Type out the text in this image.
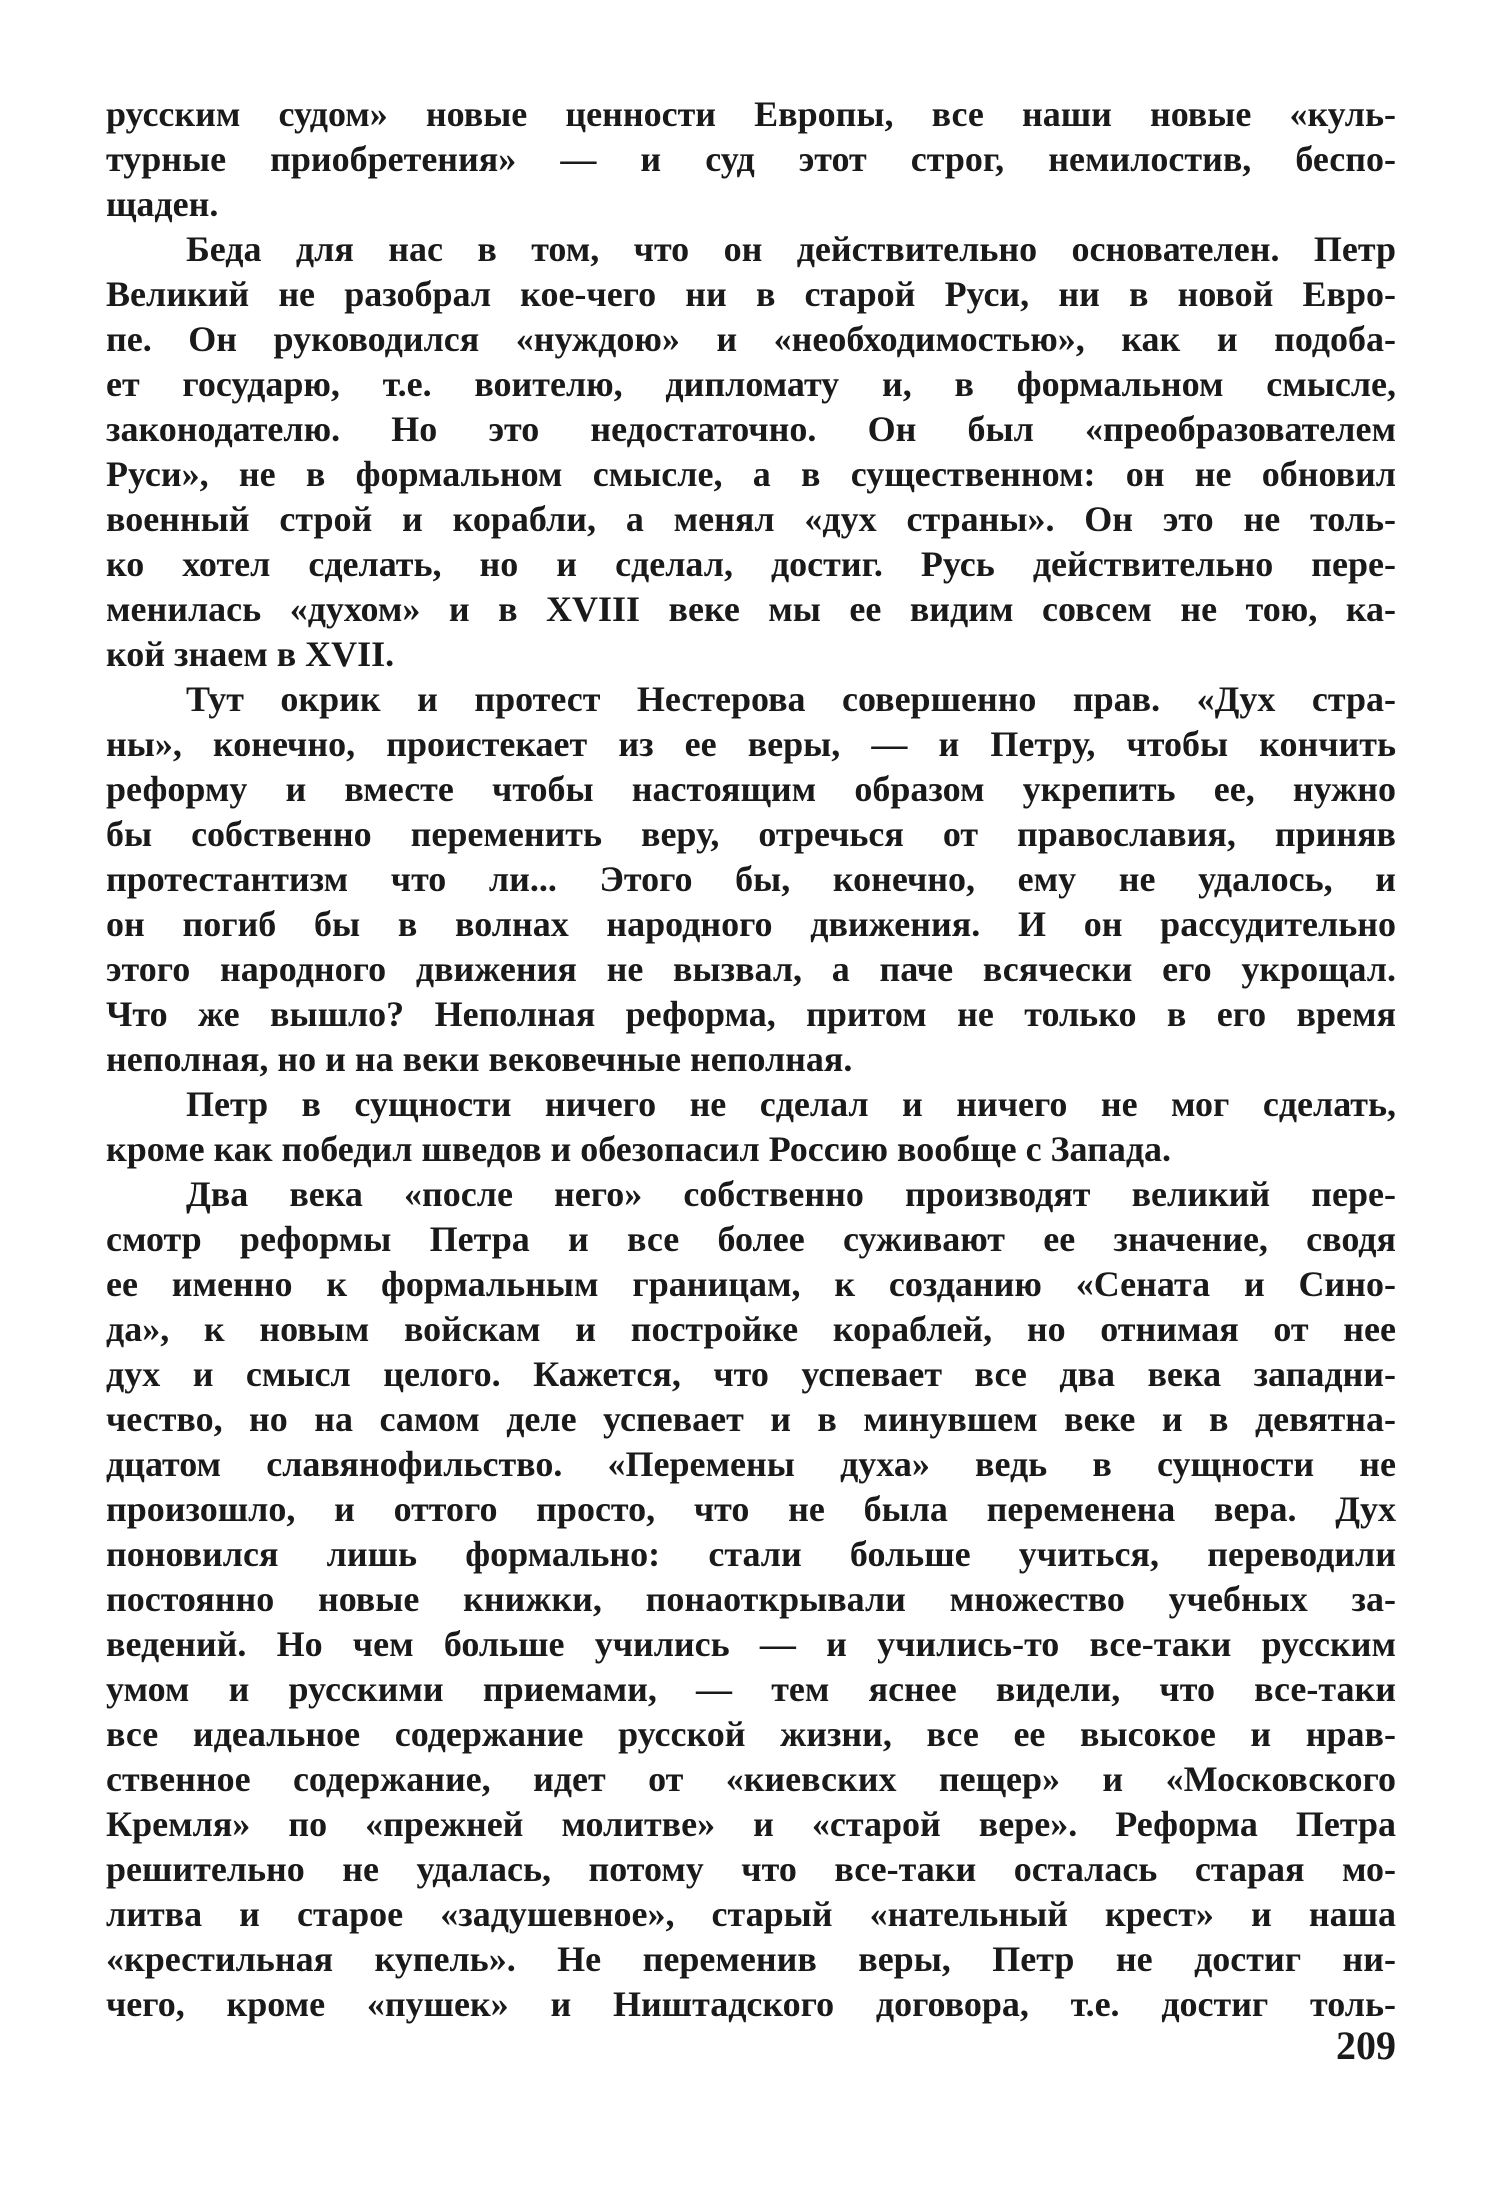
русским судом» новые ценности Европы, все наши новые «куль-
турные приобретения» — и суд этот строг, немилостив, беспо-
щаден.
Беда для нас в том, что он действительно основателен. Петр
Великий не разобрал кое-чего ни в старой Руси, ни в новой Евро-
пе. Он руководился «нуждою» и «необходимостью», как и подоба-
ет государю, т.е. воителю, дипломату и, в формальном смысле,
законодателю. Но это недостаточно. Он был «преобразователем
Руси», не в формальном смысле, а в существенном: он не обновил
военный строй и корабли, а менял «дух страны». Он это не толь-
ко хотел сделать, но и сделал, достиг. Русь действительно пере-
менилась «духом» и в XVIII веке мы ее видим совсем не тою, ка-
кой знаем в XVII.
Тут окрик и протест Нестерова совершенно прав. «Дух стра-
ны», конечно, проистекает из ее веры, — и Петру, чтобы кончить
реформу и вместе чтобы настоящим образом укрепить ее, нужно
бы собственно переменить веру, отречься от православия, приняв
протестантизм что ли... Этого бы, конечно, ему не удалось, и
он погиб бы в волнах народного движения. И он рассудительно
этого народного движения не вызвал, а паче всячески его укрощал.
Что же вышло? Неполная реформа, притом не только в его время
неполная, но и на веки вековечные неполная.
Петр в сущности ничего не сделал и ничего не мог сделать,
кроме как победил шведов и обезопасил Россию вообще с Запада.
Два века «после него» собственно производят великий пере-
смотр реформы Петра и все более суживают ее значение, сводя
ее именно к формальным границам, к созданию «Сената и Сино-
да», к новым войскам и постройке кораблей, но отнимая от нее
дух и смысл целого. Кажется, что успевает все два века западни-
чество, но на самом деле успевает и в минувшем веке и в девятна-
дцатом славянофильство. «Перемены духа» ведь в сущности не
произошло, и оттого просто, что не была переменена вера. Дух
поновился лишь формально: стали больше учиться, переводили
постоянно новые книжки, понаоткрывали множество учебных за-
ведений. Но чем больше учились — и учились-то все-таки русским
умом и русскими приемами, — тем яснее видели, что все-таки
все идеальное содержание русской жизни, все ее высокое и нрав-
ственное содержание, идет от «киевских пещер» и «Московского
Кремля» по «прежней молитве» и «старой вере». Реформа Петра
решительно не удалась, потому что все-таки осталась старая мо-
литва и старое «задушевное», старый «нательный крест» и наша
«крестильная купель». Не переменив веры, Петр не достиг ни-
чего, кроме «пушек» и Ништадского договора, т.е. достиг толь-
209
